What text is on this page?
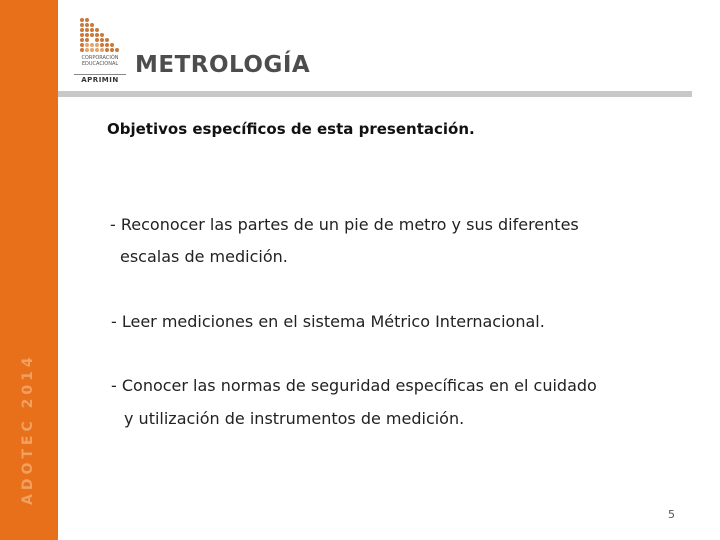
ADOTEC 2014
CORPORACIÓN
EDUCACIONAL
APRIMIN
METROLOGÍA
Objetivos específicos de esta presentación.
- Reconocer las partes de un pie de metro y sus diferentes
escalas de medición.
- Leer mediciones en el sistema Métrico Internacional.
- Conocer las normas de seguridad específicas en el cuidado
y utilización de instrumentos de medición.
5
